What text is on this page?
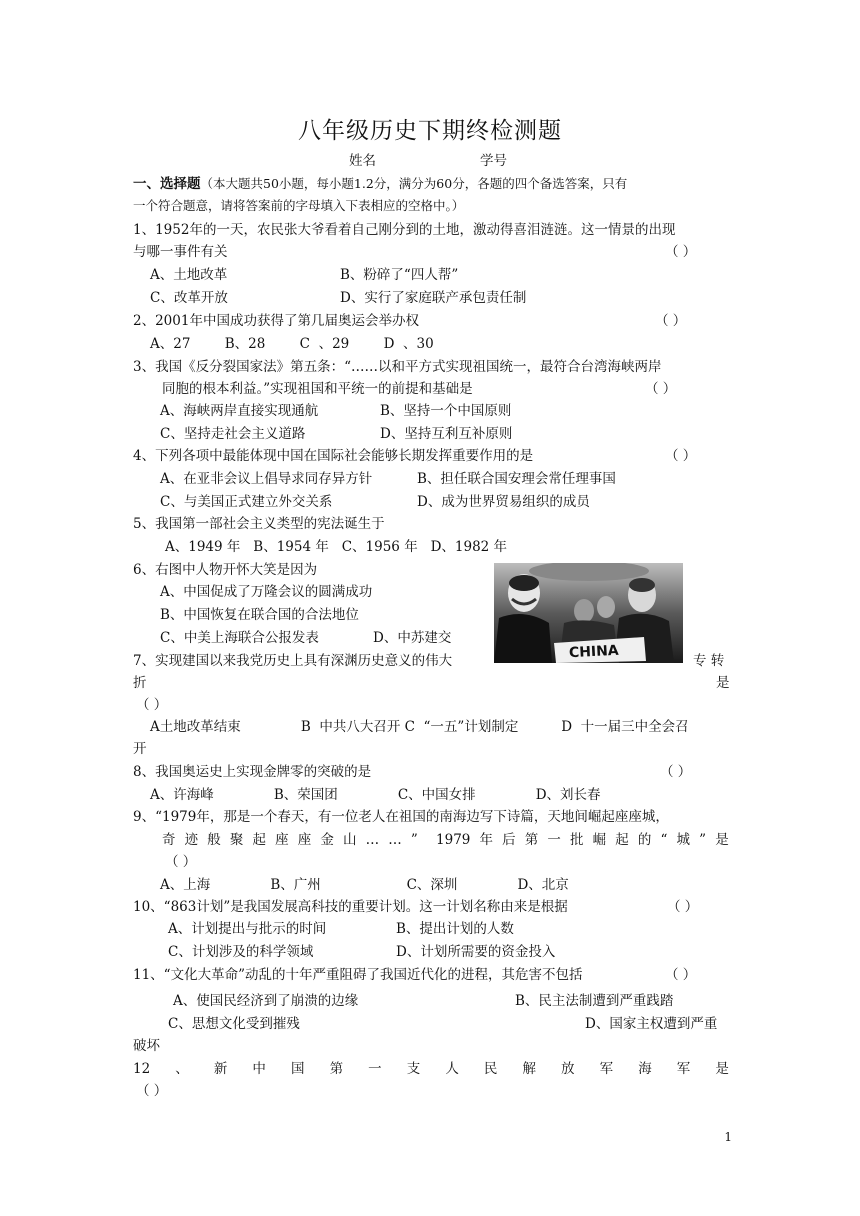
八年级历史下期终检测题
姓名	学号
一、选择题（本大题共50小题，每小题1.2分，满分为60分，各题的四个备选答案，只有
一个符合题意，请将答案前的字母填入下表相应的空格中。）
1、1952年的一天，农民张大爷看着自己刚分到的土地，激动得喜泪涟涟。这一情景的出现
与哪一事件有关	（ ）
A、土地改革	B、粉碎了“四人帮”
C、改革开放	D、实行了家庭联产承包责任制
2、2001年中国成功获得了第几届奥运会举办权	（ ）
A、27        B、28        C  、29        D  、30
3、我国《反分裂国家法》第五条：“……以和平方式实现祖国统一，最符合台湾海峡两岸
同胞的根本利益。”实现祖国和平统一的前提和基础是	（ ）
A、海峡两岸直接实现通航	B、坚持一个中国原则
C、坚持走社会主义道路	D、坚持互利互补原则
4、下列各项中最能体现中国在国际社会能够长期发挥重要作用的是	（ ）
A、在亚非会议上倡导求同存异方针	B、担任联合国安理会常任理事国
C、与美国正式建立外交关系	D、成为世界贸易组织的成员
5、我国第一部社会主义类型的宪法诞生于
A、1949 年   B、1954 年   C、1956 年   D、1982 年
6、右图中人物开怀大笑是因为
A、中国促成了万隆会议的圆满成功
B、中国恢复在联合国的合法地位
C、中美上海联合公报发表	D、中苏建交
CHINA
7、实现建国以来我党历史上具有深渊历史意义的伟大	专 转
折	是
（ ）
A土地改革结束              B  中共八大召开 C  “一五”计划制定          D  十一届三中全会召
开
8、我国奥运史上实现金牌零的突破的是	（ ）
A、许海峰              B、荣国团              C、中国女排              D、刘长春
9、“1979年，那是一个春天，有一位老人在祖国的南海边写下诗篇，天地间崛起座座城，
奇 迹 般 聚 起 座 座 金 山 … … ” 1979 年 后 第 一 批 崛 起 的 “ 城 ” 是
（ ）
A、上海              B、广州                    C、深圳              D、北京
10、“863计划”是我国发展高科技的重要计划。这一计划名称由来是根据	（ ）
A、计划提出与批示的时间	B、提出计划的人数
C、计划涉及的科学领域	D、计划所需要的资金投入
11、“文化大革命”动乱的十年严重阻碍了我国近代化的进程，其危害不包括	（ ）
A、使国民经济到了崩溃的边缘	B、民主法制遭到严重践踏
C、思想文化受到摧残	D、国家主权遭到严重
破坏
12 、 新 中 国 第 一 支 人 民 解 放 军 海 军 是
（ ）
1
